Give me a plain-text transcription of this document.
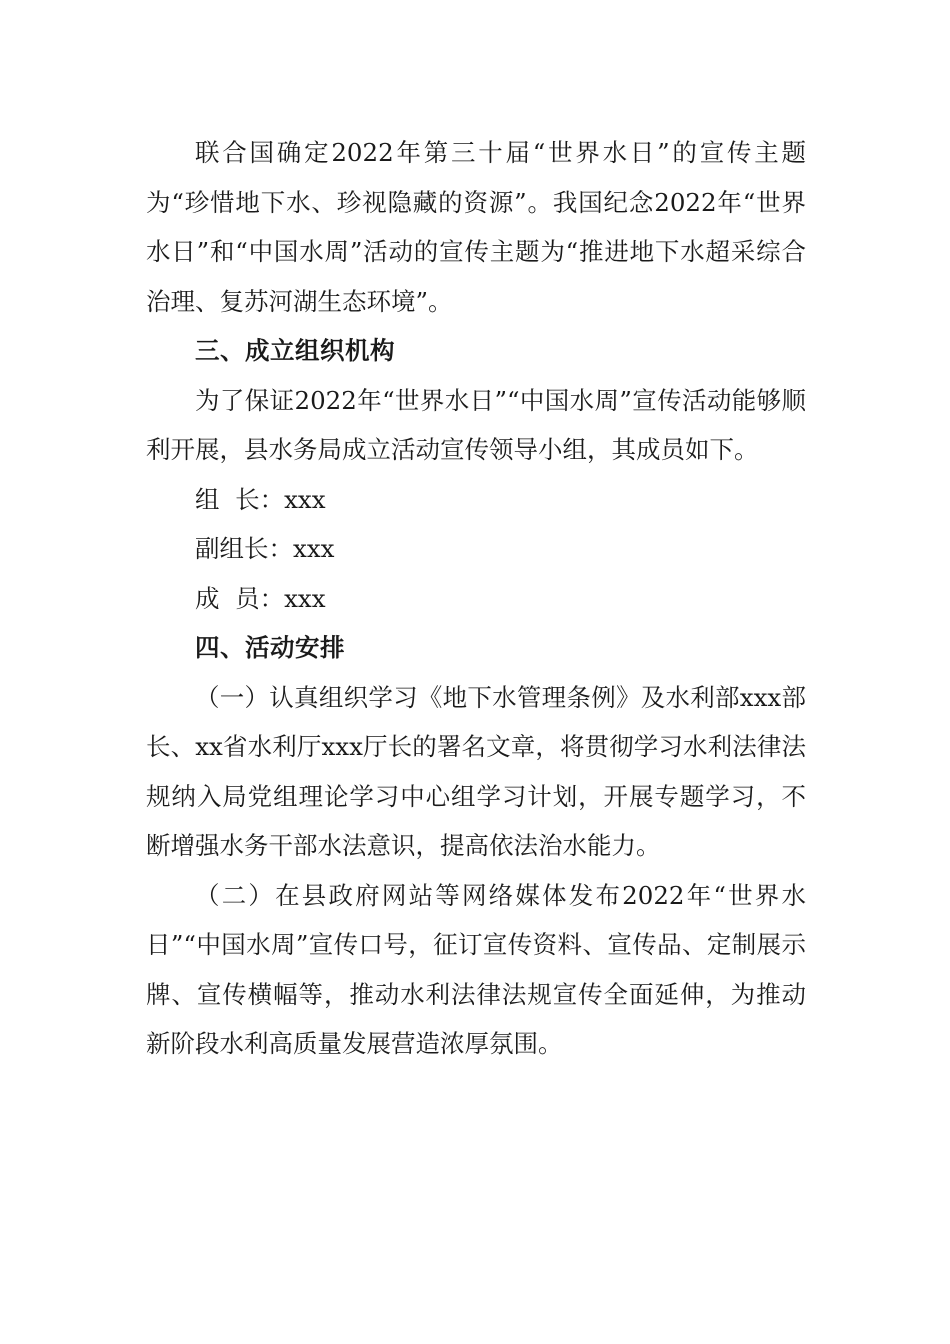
联合国确定2022年第三十届“世界水日”的宣传主题为“珍惜地下水、珍视隐藏的资源”。我国纪念2022年“世界水日”和“中国水周”活动的宣传主题为“推进地下水超采综合治理、复苏河湖生态环境”。

三、成立组织机构

为了保证2022年“世界水日”“中国水周”宣传活动能够顺利开展，县水务局成立活动宣传领导小组，其成员如下。

组  长：xxx

副组长：xxx

成  员：xxx

四、活动安排

（一）认真组织学习《地下水管理条例》及水利部xxx部长、xx省水利厅xxx厅长的署名文章，将贯彻学习水利法律法规纳入局党组理论学习中心组学习计划，开展专题学习，不断增强水务干部水法意识，提高依法治水能力。

（二）在县政府网站等网络媒体发布2022年“世界水日”“中国水周”宣传口号，征订宣传资料、宣传品、定制展示牌、宣传横幅等，推动水利法律法规宣传全面延伸，为推动新阶段水利高质量发展营造浓厚氛围。
